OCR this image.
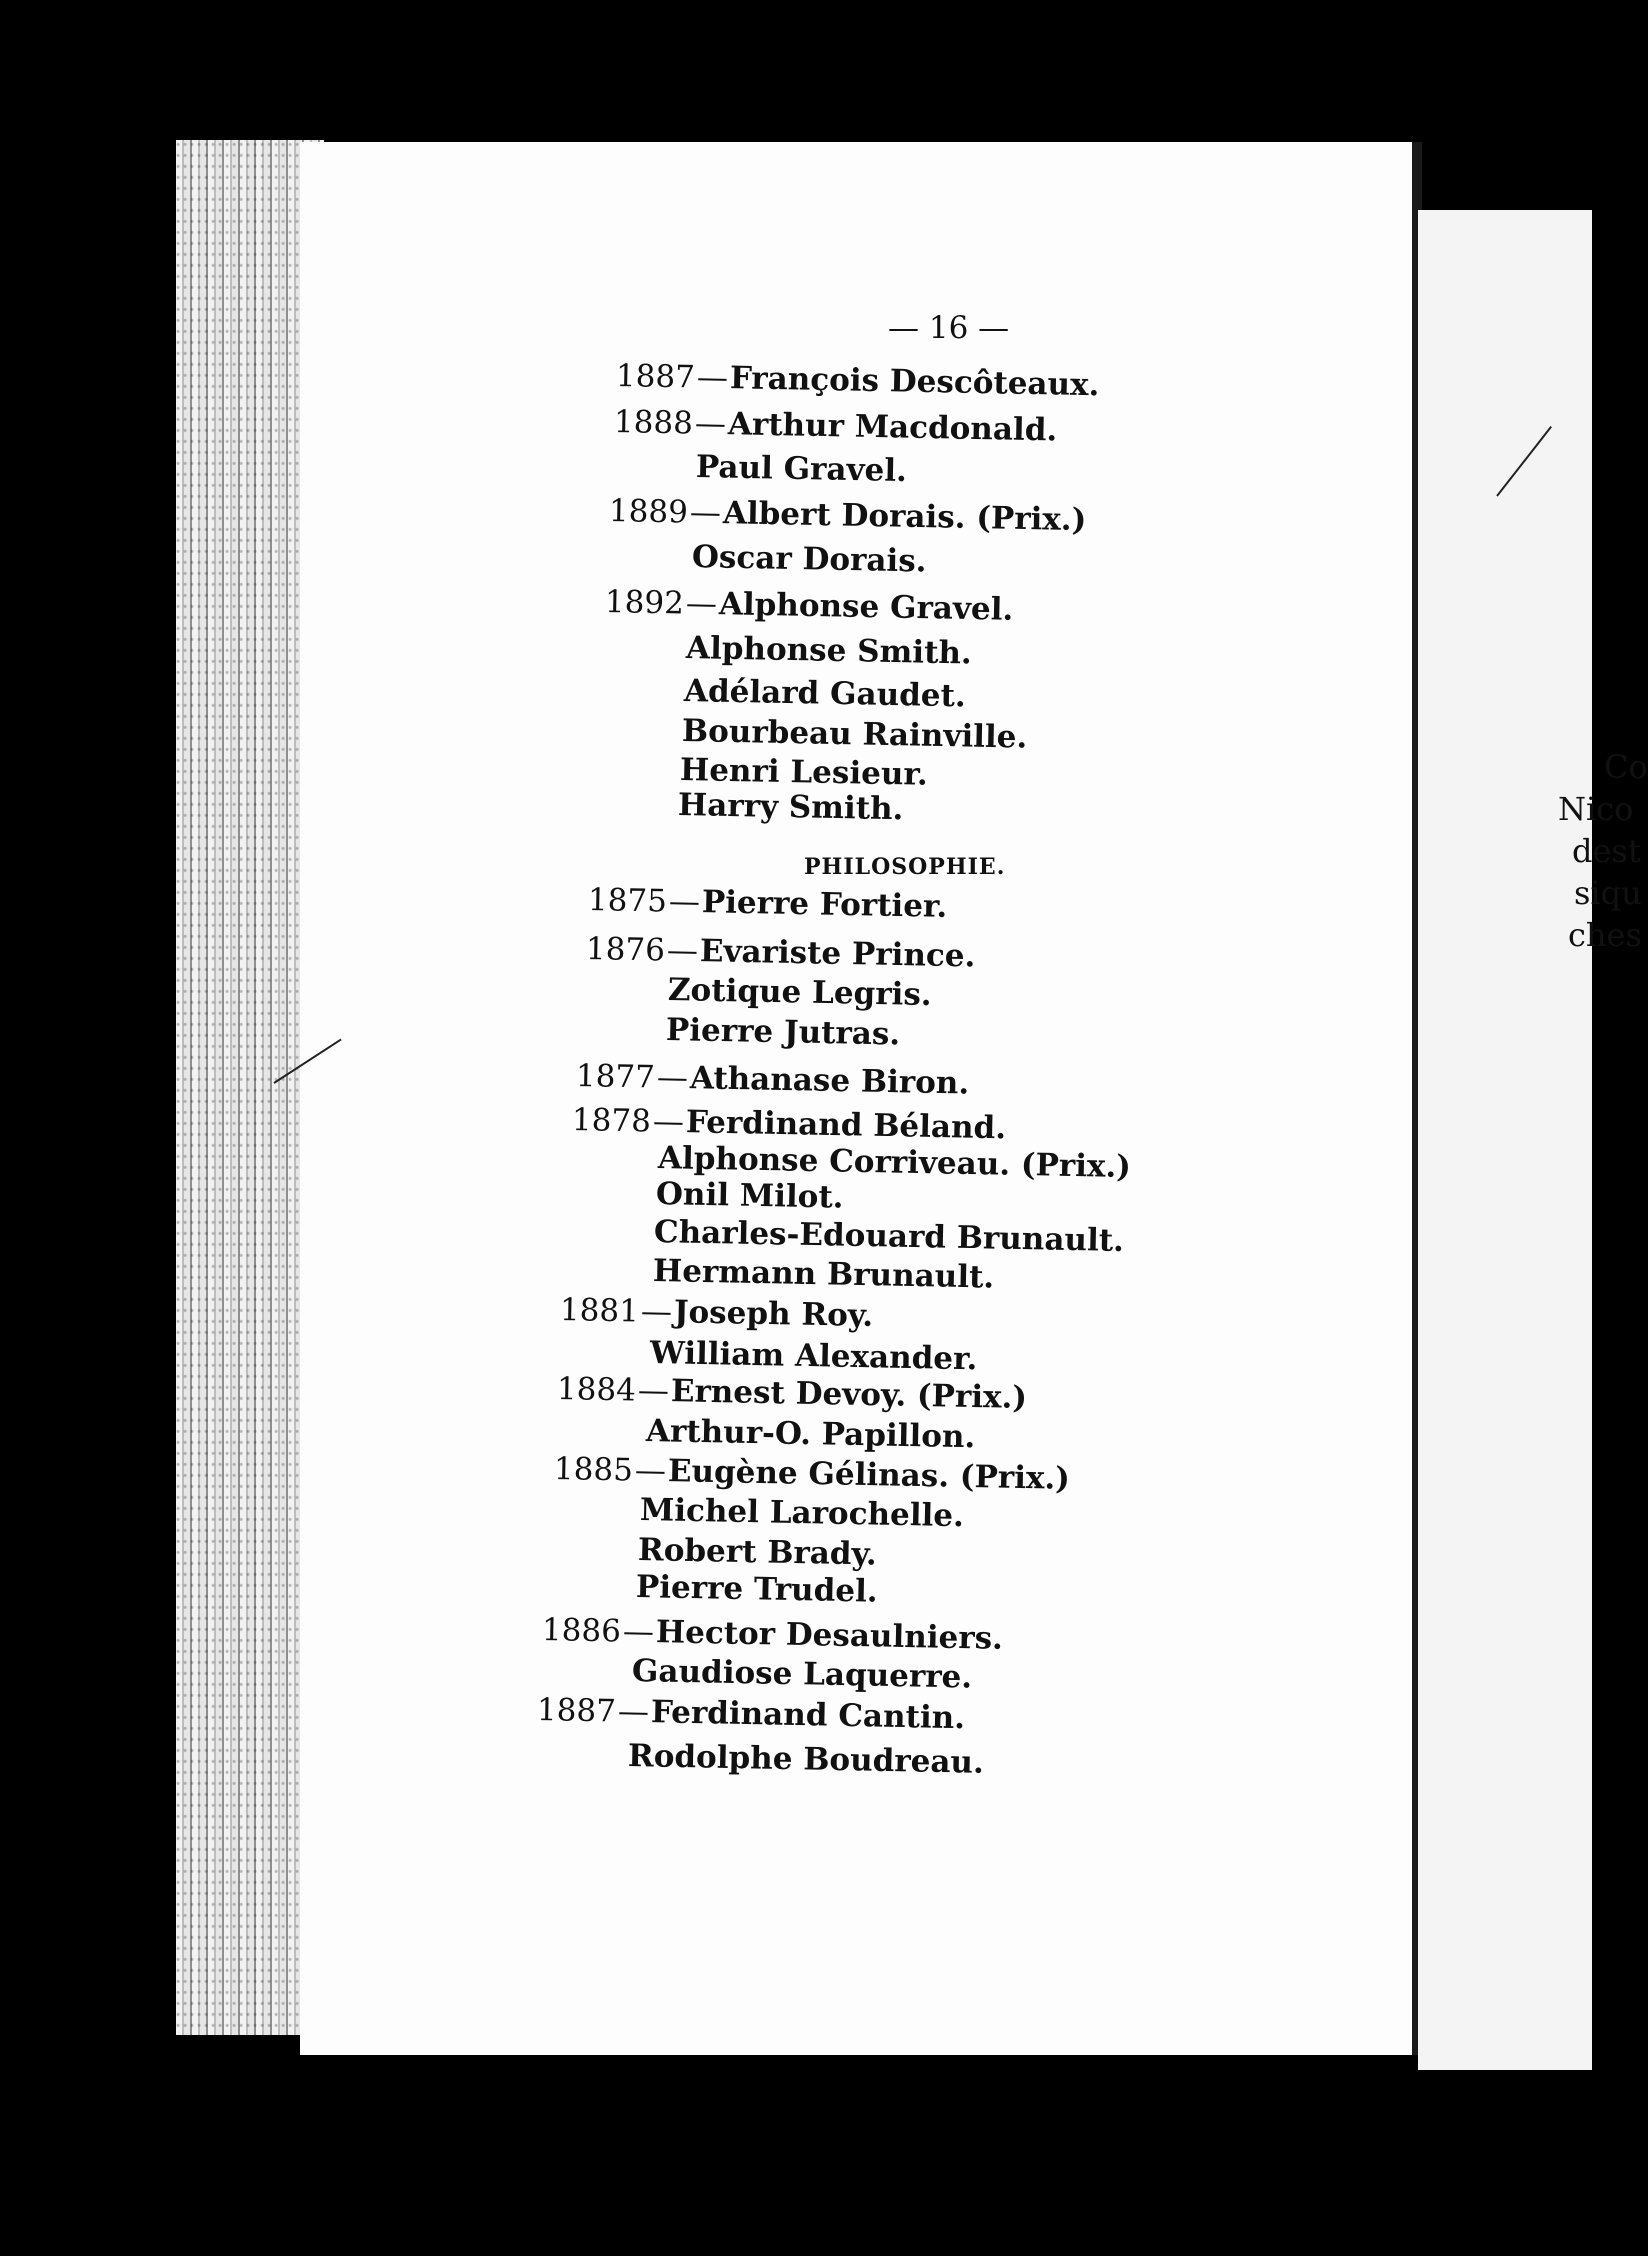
Co
Nico
dest
siqu
ches
— 16 —
1887—François Descôteaux.
1888—Arthur Macdonald.
Paul Gravel.
1889—Albert Dorais. (Prix.)
Oscar Dorais.
1892—Alphonse Gravel.
Alphonse Smith.
Adélard Gaudet.
Bourbeau Rainville.
Henri Lesieur.
Harry Smith.
PHILOSOPHIE.
1875—Pierre Fortier.
1876—Evariste Prince.
Zotique Legris.
Pierre Jutras.
1877—Athanase Biron.
1878—Ferdinand Béland.
Alphonse Corriveau. (Prix.)
Onil Milot.
Charles-Edouard Brunault.
Hermann Brunault.
1881—Joseph Roy.
William Alexander.
1884—Ernest Devoy. (Prix.)
Arthur-O. Papillon.
1885—Eugène Gélinas. (Prix.)
Michel Larochelle.
Robert Brady.
Pierre Trudel.
1886—Hector Desaulniers.
Gaudiose Laquerre.
1887—Ferdinand Cantin.
Rodolphe Boudreau.
